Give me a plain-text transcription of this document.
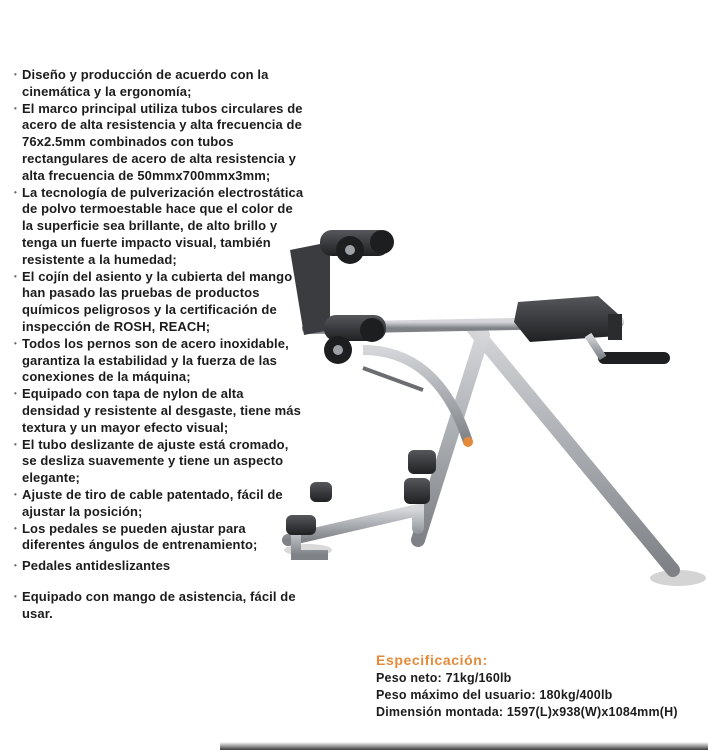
• Diseño y producción de acuerdo con la cinemática y la ergonomía;
• El marco principal utiliza tubos circulares de acero de alta resistencia y alta frecuencia de 76x2.5mm combinados con tubos rectangulares de acero de alta resistencia y alta frecuencia de 50mmx700mmx3mm;
• La tecnología de pulverización electrostática de polvo termoestable hace que el color de la superficie sea brillante, de alto brillo y tenga un fuerte impacto visual, también resistente a la humedad;
• El cojín del asiento y la cubierta del mango han pasado las pruebas de productos químicos peligrosos y la certificación de inspección de ROSH, REACH;
• Todos los pernos son de acero inoxidable, garantiza la estabilidad y la fuerza de las conexiones de la máquina;
• Equipado con tapa de nylon de alta densidad y resistente al desgaste, tiene más textura y un mayor efecto visual;
• El tubo deslizante de ajuste está cromado, se desliza suavemente y tiene un aspecto elegante;
• Ajuste de tiro de cable patentado, fácil de ajustar la posición;
• Los pedales se pueden ajustar para diferentes ángulos de entrenamiento;
• Pedales antideslizantes
• Equipado con mango de asistencia, fácil de usar.
Especificación:
Peso neto: 71kg/160lb
Peso máximo del usuario: 180kg/400lb
Dimensión montada: 1597(L)x938(W)x1084mm(H)
